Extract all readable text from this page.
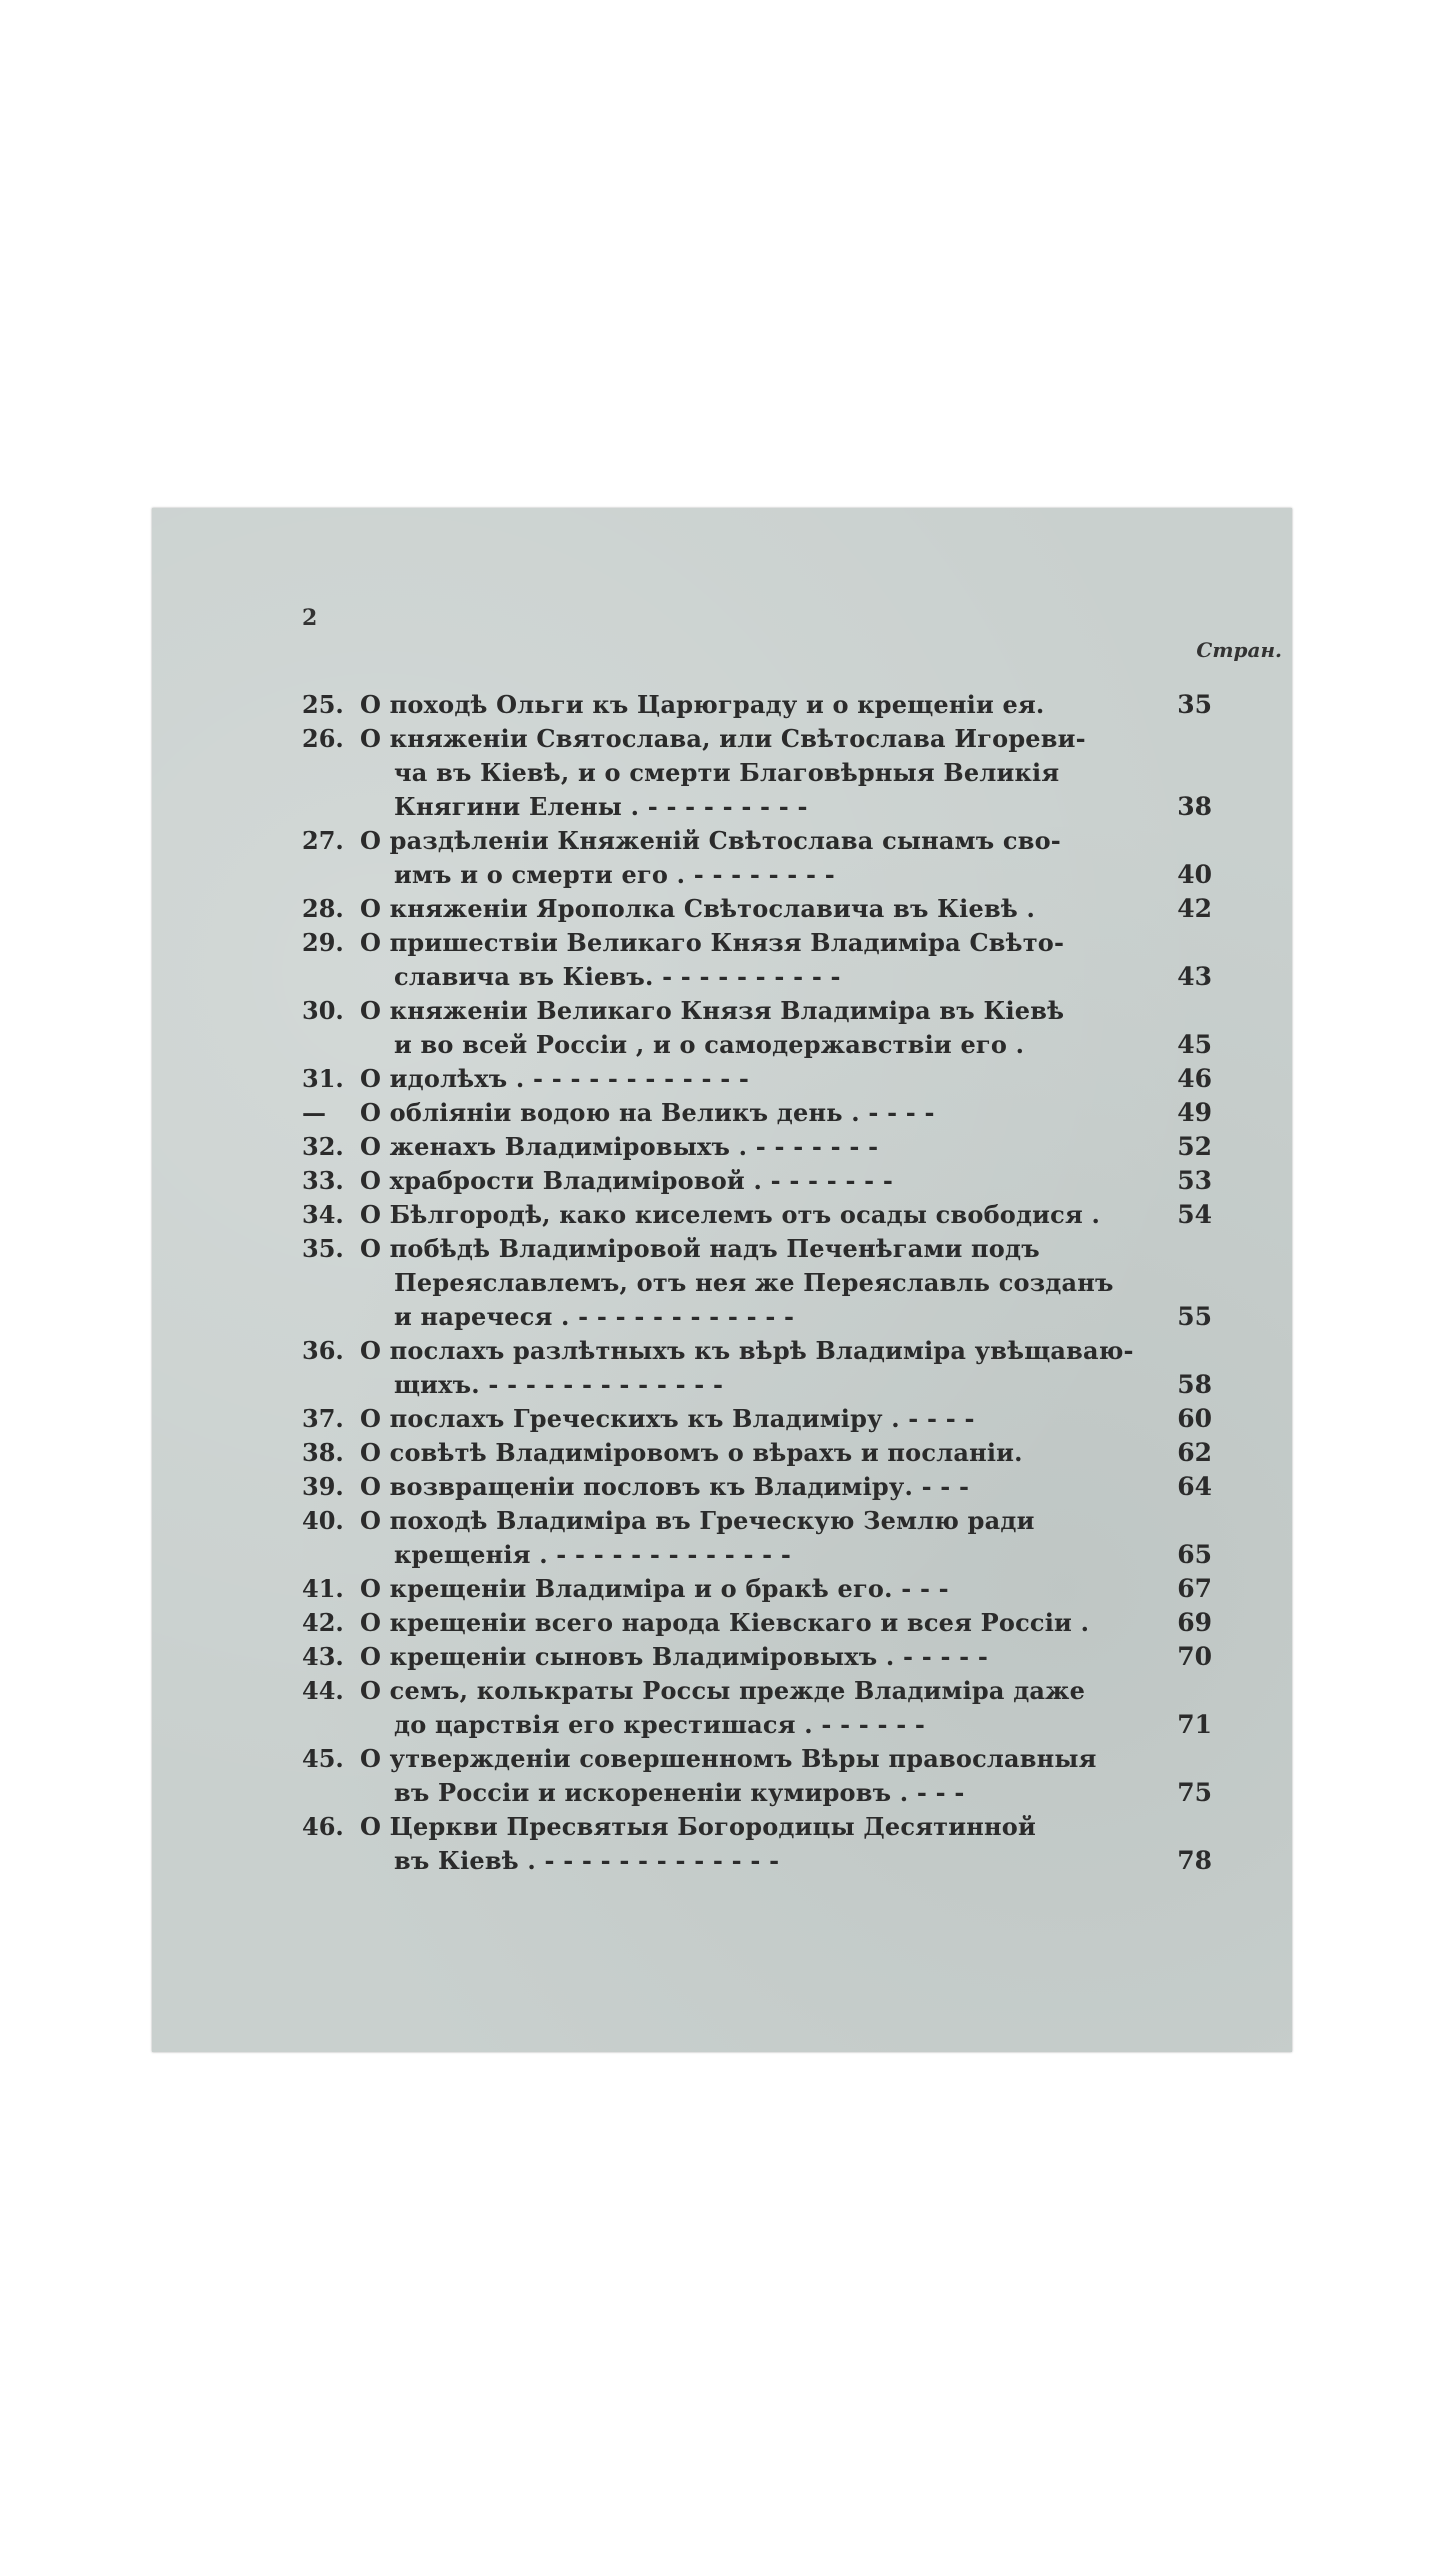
2
Стран.
25. О походѣ Ольги къ Царюграду и о крещеніи ея.	35
26. О княженіи Святослава, или Свѣтослава Игореви-
ча въ Кіевѣ, и о смерти Благовѣрныя Великія
Княгини Елены . - - - - - - - - -	38
27. О раздѣленіи Княженій Свѣтослава сынамъ сво-
имъ и о смерти его . - - - - - - - -	40
28. О княженіи Ярополка Свѣтославича въ Кіевѣ .	42
29. О пришествіи Великаго Князя Владиміра Свѣто-
славича въ Кіевъ. - - - - - - - - - -	43
30. О княженіи Великаго Князя Владиміра въ Кіевѣ
и во всей Россіи , и о самодержавствіи его .	45
31. О идолѣхъ . - - - - - - - - - - - -	46
—	О обліяніи водою на Великъ день . - - - -	49
32. О женахъ Владиміровыхъ . - - - - - - -	52
33. О храбрости Владиміровой . - - - - - - -	53
34. О Бѣлгородѣ, како киселемъ отъ осады свободися .	54
35. О побѣдѣ Владиміровой надъ Печенѣгами подъ
Переяславлемъ, отъ нея же Переяславль созданъ
и наречеся . - - - - - - - - - - - -	55
36. О послахъ разлѣтныхъ къ вѣрѣ Владиміра увѣщаваю-
щихъ. - - - - - - - - - - - - -	58
37. О послахъ Греческихъ къ Владиміру . - - - -	60
38. О совѣтѣ Владиміровомъ о вѣрахъ и посланіи.	62
39. О возвращеніи пословъ къ Владиміру. - - -	64
40. О походѣ Владиміра въ Греческую Землю ради
крещенія . - - - - - - - - - - - - -	65
41. О крещеніи Владиміра и о бракѣ его. - - -	67
42. О крещеніи всего народа Кіевскаго и всея Россіи .	69
43. О крещеніи сыновъ Владиміровыхъ . - - - - -	70
44. О семъ, колькраты Россы прежде Владиміра даже
до царствія его крестишася . - - - - - -	71
45. О утвержденіи совершенномъ Вѣры православныя
въ Россіи и искорененіи кумировъ . - - -	75
46. О Церкви Пресвятыя Богородицы Десятинной
въ Кіевѣ . - - - - - - - - - - - - -	78
